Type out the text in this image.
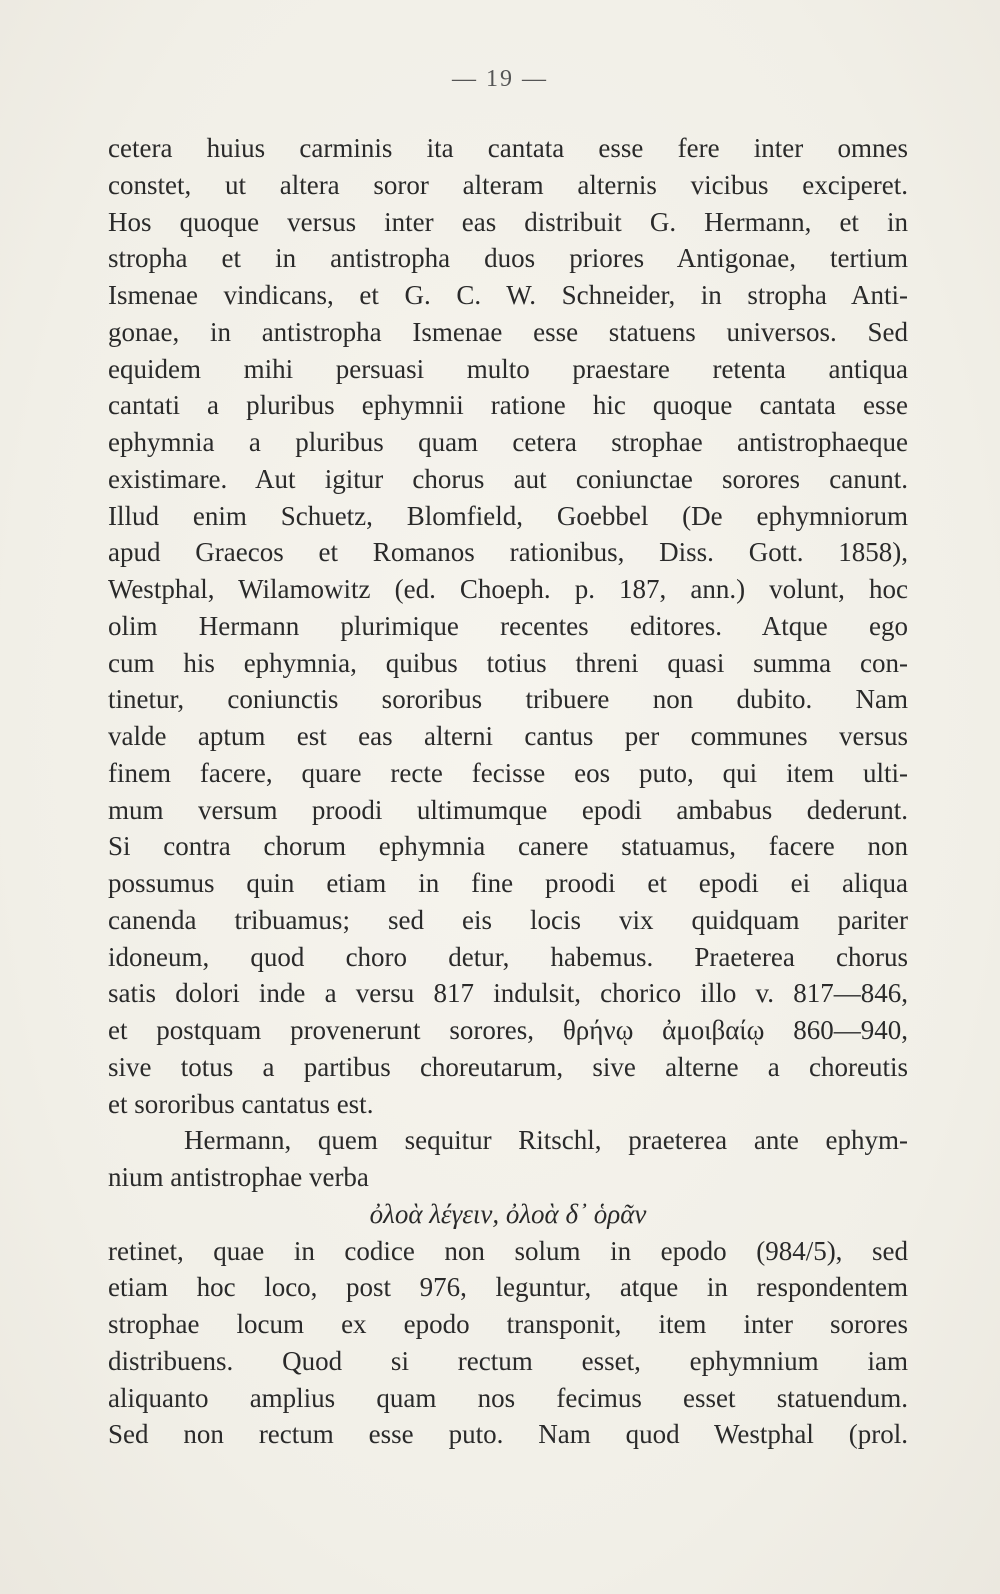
— 19 —
cetera huius carminis ita cantata esse fere inter omnes
constet, ut altera soror alteram alternis vicibus exciperet.
Hos quoque versus inter eas distribuit G. Hermann, et in
stropha et in antistropha duos priores Antigonae, tertium
Ismenae vindicans, et G. C. W. Schneider, in stropha Anti-
gonae, in antistropha Ismenae esse statuens universos. Sed
equidem mihi persuasi multo praestare retenta antiqua
cantati a pluribus ephymnii ratione hic quoque cantata esse
ephymnia a pluribus quam cetera strophae antistrophaeque
existimare. Aut igitur chorus aut coniunctae sorores canunt.
Illud enim Schuetz, Blomfield, Goebbel (De ephymniorum
apud Graecos et Romanos rationibus, Diss. Gott. 1858),
Westphal, Wilamowitz (ed. Choeph. p. 187, ann.) volunt, hoc
olim Hermann plurimique recentes editores. Atque ego
cum his ephymnia, quibus totius threni quasi summa con-
tinetur, coniunctis sororibus tribuere non dubito. Nam
valde aptum est eas alterni cantus per communes versus
finem facere, quare recte fecisse eos puto, qui item ulti-
mum versum proodi ultimumque epodi ambabus dederunt.
Si contra chorum ephymnia canere statuamus, facere non
possumus quin etiam in fine proodi et epodi ei aliqua
canenda tribuamus; sed eis locis vix quidquam pariter
idoneum, quod choro detur, habemus. Praeterea chorus
satis dolori inde a versu 817 indulsit, chorico illo v. 817—846,
et postquam provenerunt sorores, θρήνῳ ἀμοιβαίῳ 860—940,
sive totus a partibus choreutarum, sive alterne a choreutis
et sororibus cantatus est.
Hermann, quem sequitur Ritschl, praeterea ante ephym-
nium antistrophae verba
ὀλοὰ λέγειν, ὀλοὰ δ᾽ ὁρᾶν
retinet, quae in codice non solum in epodo (984/5), sed
etiam hoc loco, post 976, leguntur, atque in respondentem
strophae locum ex epodo transponit, item inter sorores
distribuens. Quod si rectum esset, ephymnium iam
aliquanto amplius quam nos fecimus esset statuendum.
Sed non rectum esse puto. Nam quod Westphal (prol.
